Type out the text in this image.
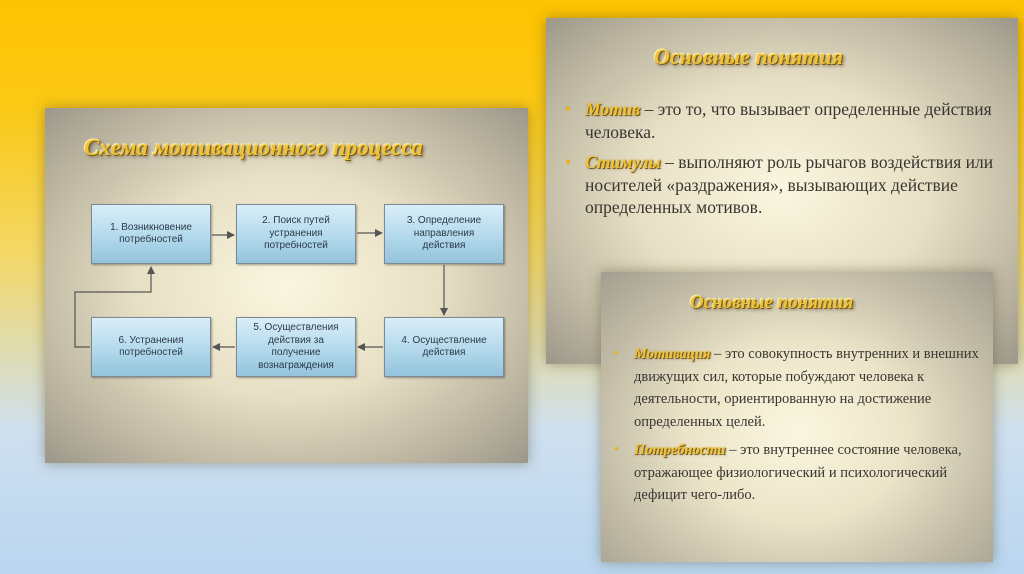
Схема мотивационного процесса
Основные понятия
Основные понятия
1. Возникновение потребностей
2. Поиск путей устранения потребностей
3. Определение направления действия
4. Осуществление действия
5. Осуществления действия за получение вознаграждения
6. Устранения потребностей
• Мотив – это то, что вызывает определенные действия человека.
• Стимулы – выполняют роль рычагов воздействия или носителей «раздражения», вызывающих действие определенных мотивов.
• Мотивация – это совокупность внутренних и внешних движущих сил, которые побуждают человека к деятельности, ориентированную на достижение определенных целей.
• Потребности – это внутреннее состояние человека, отражающее физиологический и психологический дефицит чего-либо.
